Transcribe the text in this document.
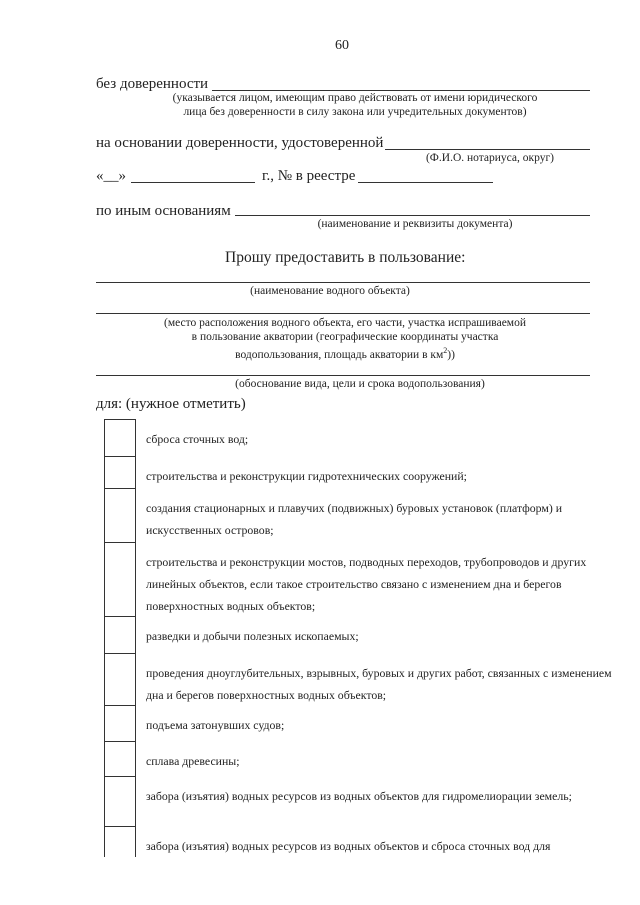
60
без доверенности
(указывается лицом, имеющим право действовать от имени юридического лица без доверенности в силу закона или учредительных документов)
на основании доверенности, удостоверенной
(Ф.И.О. нотариуса, округ)
«__»	г., № в реестре
по иным основаниям
(наименование и реквизиты документа)
Прошу предоставить в пользование:
(наименование водного объекта)
(место расположения водного объекта, его части, участка испрашиваемой
в пользование акватории (географические координаты участка
водопользования, площадь акватории в $км^2$))
(обоснование вида, цели и срока водопользования)
для: (нужное отметить)
	сброса сточных вод;
	строительства и реконструкции гидротехнических сооружений;
	создания стационарных и плавучих (подвижных) буровых установок (платформ) и искусственных островов;
	строительства и реконструкции мостов, подводных переходов, трубопроводов и других линейных объектов, если такое строительство связано с изменением дна и берегов поверхностных водных объектов;
	разведки и добычи полезных ископаемых;
	проведения дноуглубительных, взрывных, буровых и других работ, связанных с изменением дна и берегов поверхностных водных объектов;
	подъема затонувших судов;
	сплава древесины;
	забора (изъятия) водных ресурсов из водных объектов для гидромелиорации земель;
	забора (изъятия) водных ресурсов из водных объектов и сброса сточных вод для
